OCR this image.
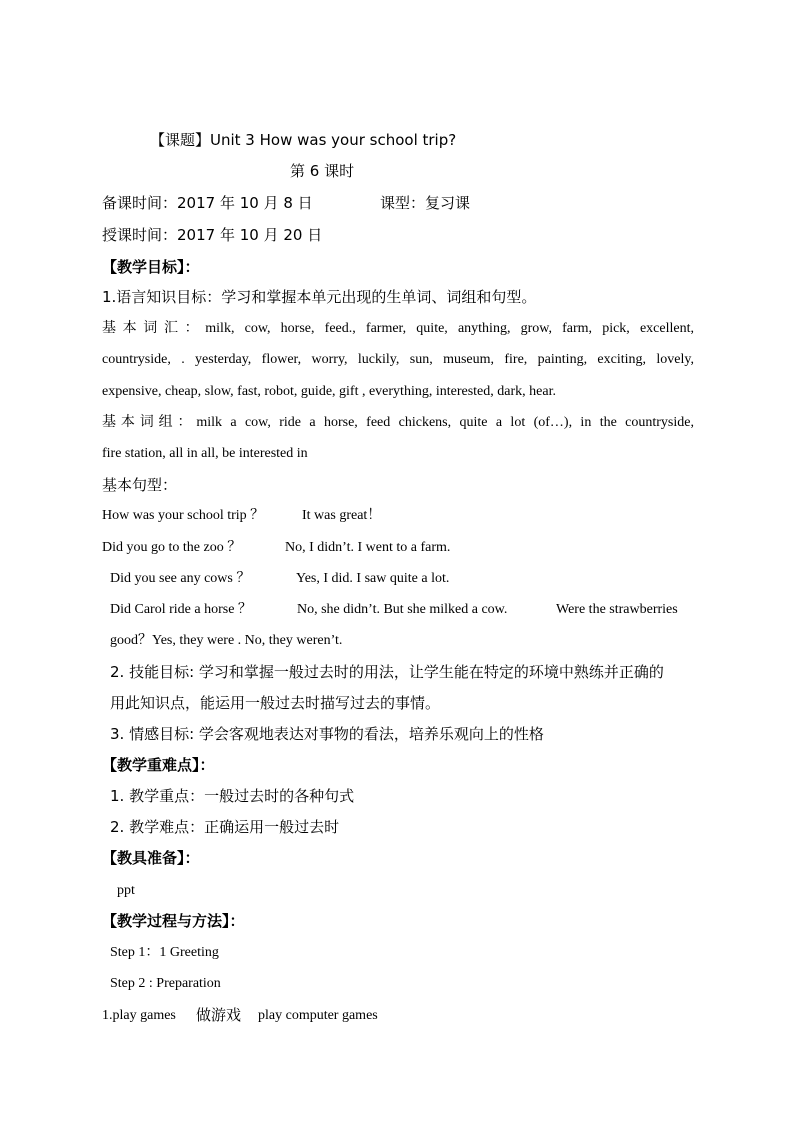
【课题】Unit 3 How was your school trip?
第 6 课时
备课时间：2017 年 10 月 8 日	课型：复习课
授课时间：2017 年 10 月 20 日
【教学目标】：
1.语言知识目标：学习和掌握本单元出现的生单词、词组和句型。
基本词汇：milk, cow, horse, feed., farmer, quite, anything, grow, farm, pick, excellent,
countryside, . yesterday, flower, worry, luckily, sun, museum, fire, painting, exciting, lovely,
expensive, cheap, slow, fast, robot, guide, gift , everything, interested, dark, hear.
基本词组：milk a cow, ride a horse, feed chickens, quite a lot (of…), in the countryside,
fire station, all in all, be interested in
基本句型：
How was your school trip ？	It was great！
Did you go to the zoo ？	No, I didn’t. I went to a farm.
Did you see any cows ？	Yes, I did. I saw quite a lot.
Did Carol ride a horse ？	No, she didn’t. But she milked a cow.	Were the strawberries
good？Yes, they were . No, they weren’t.
2. 技能目标: 学习和掌握一般过去时的用法，让学生能在特定的环境中熟练并正确的
用此知识点，能运用一般过去时描写过去的事情。
3. 情感目标: 学会客观地表达对事物的看法，培养乐观向上的性格
【教学重难点】：
1. 教学重点：一般过去时的各种句式
2. 教学难点：正确运用一般过去时
【教具准备】：
ppt
【教学过程与方法】：
Step 1：1 Greeting
Step 2 : Preparation
1.play games 做游戏 play computer games
